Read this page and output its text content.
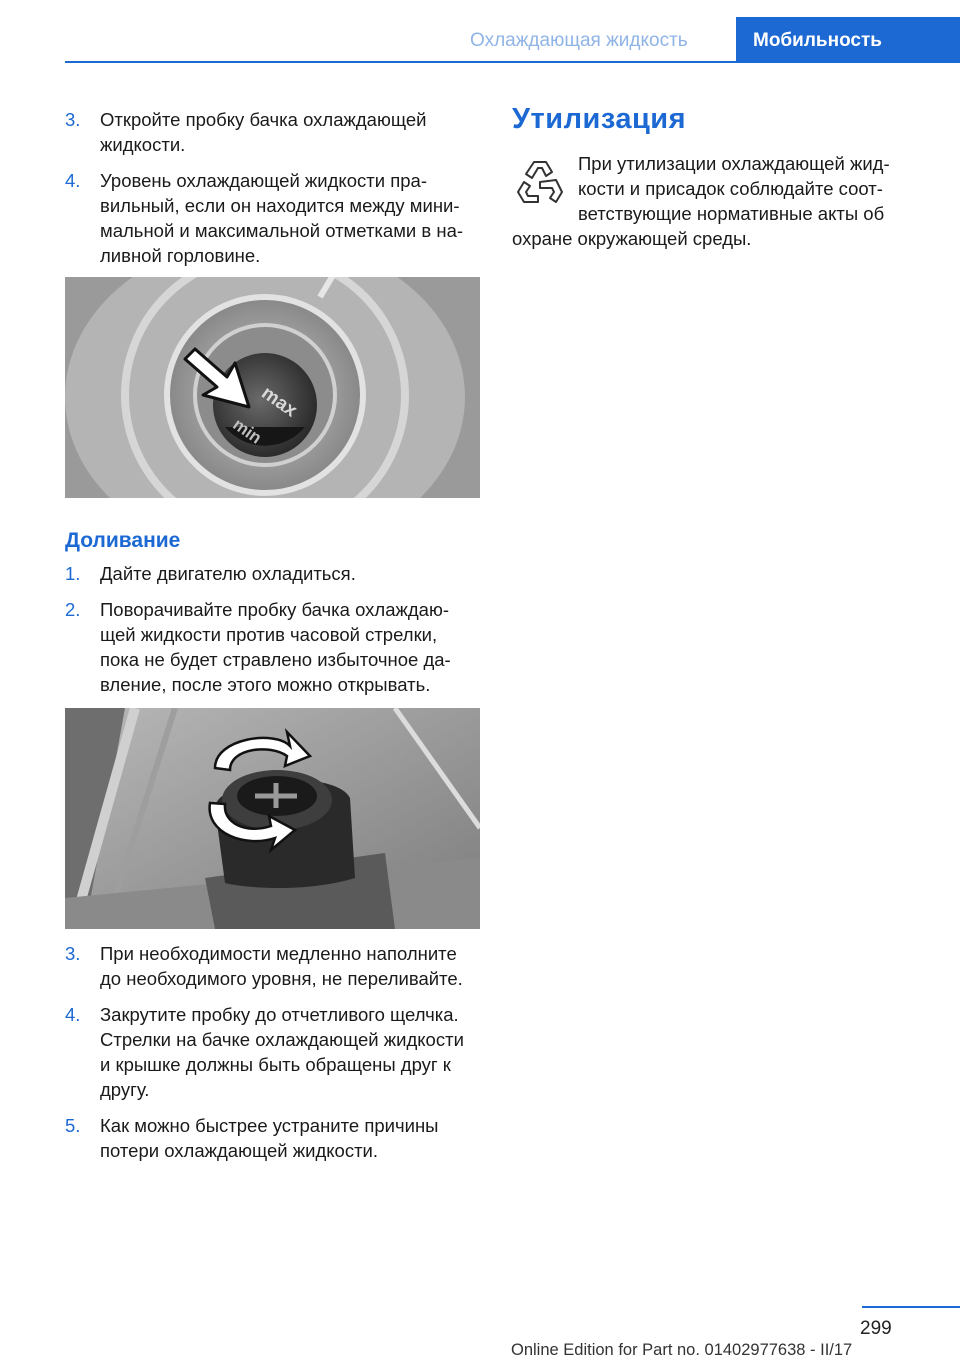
Охлаждающая жидкость	Мобильность
3. Откройте пробку бачка охлаждающей жидкости.
4. Уровень охлаждающей жидкости правильный, если он находится между минимальной и максимальной отметками в наливной горловине.
max
min
Доливание
1. Дайте двигателю охладиться.
2. Поворачивайте пробку бачка охлаждающей жидкости против часовой стрелки, пока не будет стравлено избыточное давление, после этого можно открывать.
3. При необходимости медленно наполните до необходимого уровня, не переливайте.
4. Закрутите пробку до отчетливого щелчка. Стрелки на бачке охлаждающей жидкости и крышке должны быть обращены друг к другу.
5. Как можно быстрее устраните причины потери охлаждающей жидкости.
Утилизация
При утилизации охлаждающей жидкости и присадок соблюдайте соответствующие нормативные акты об
охране окружающей среды.
299
Online Edition for Part no. 01402977638 - II/17
